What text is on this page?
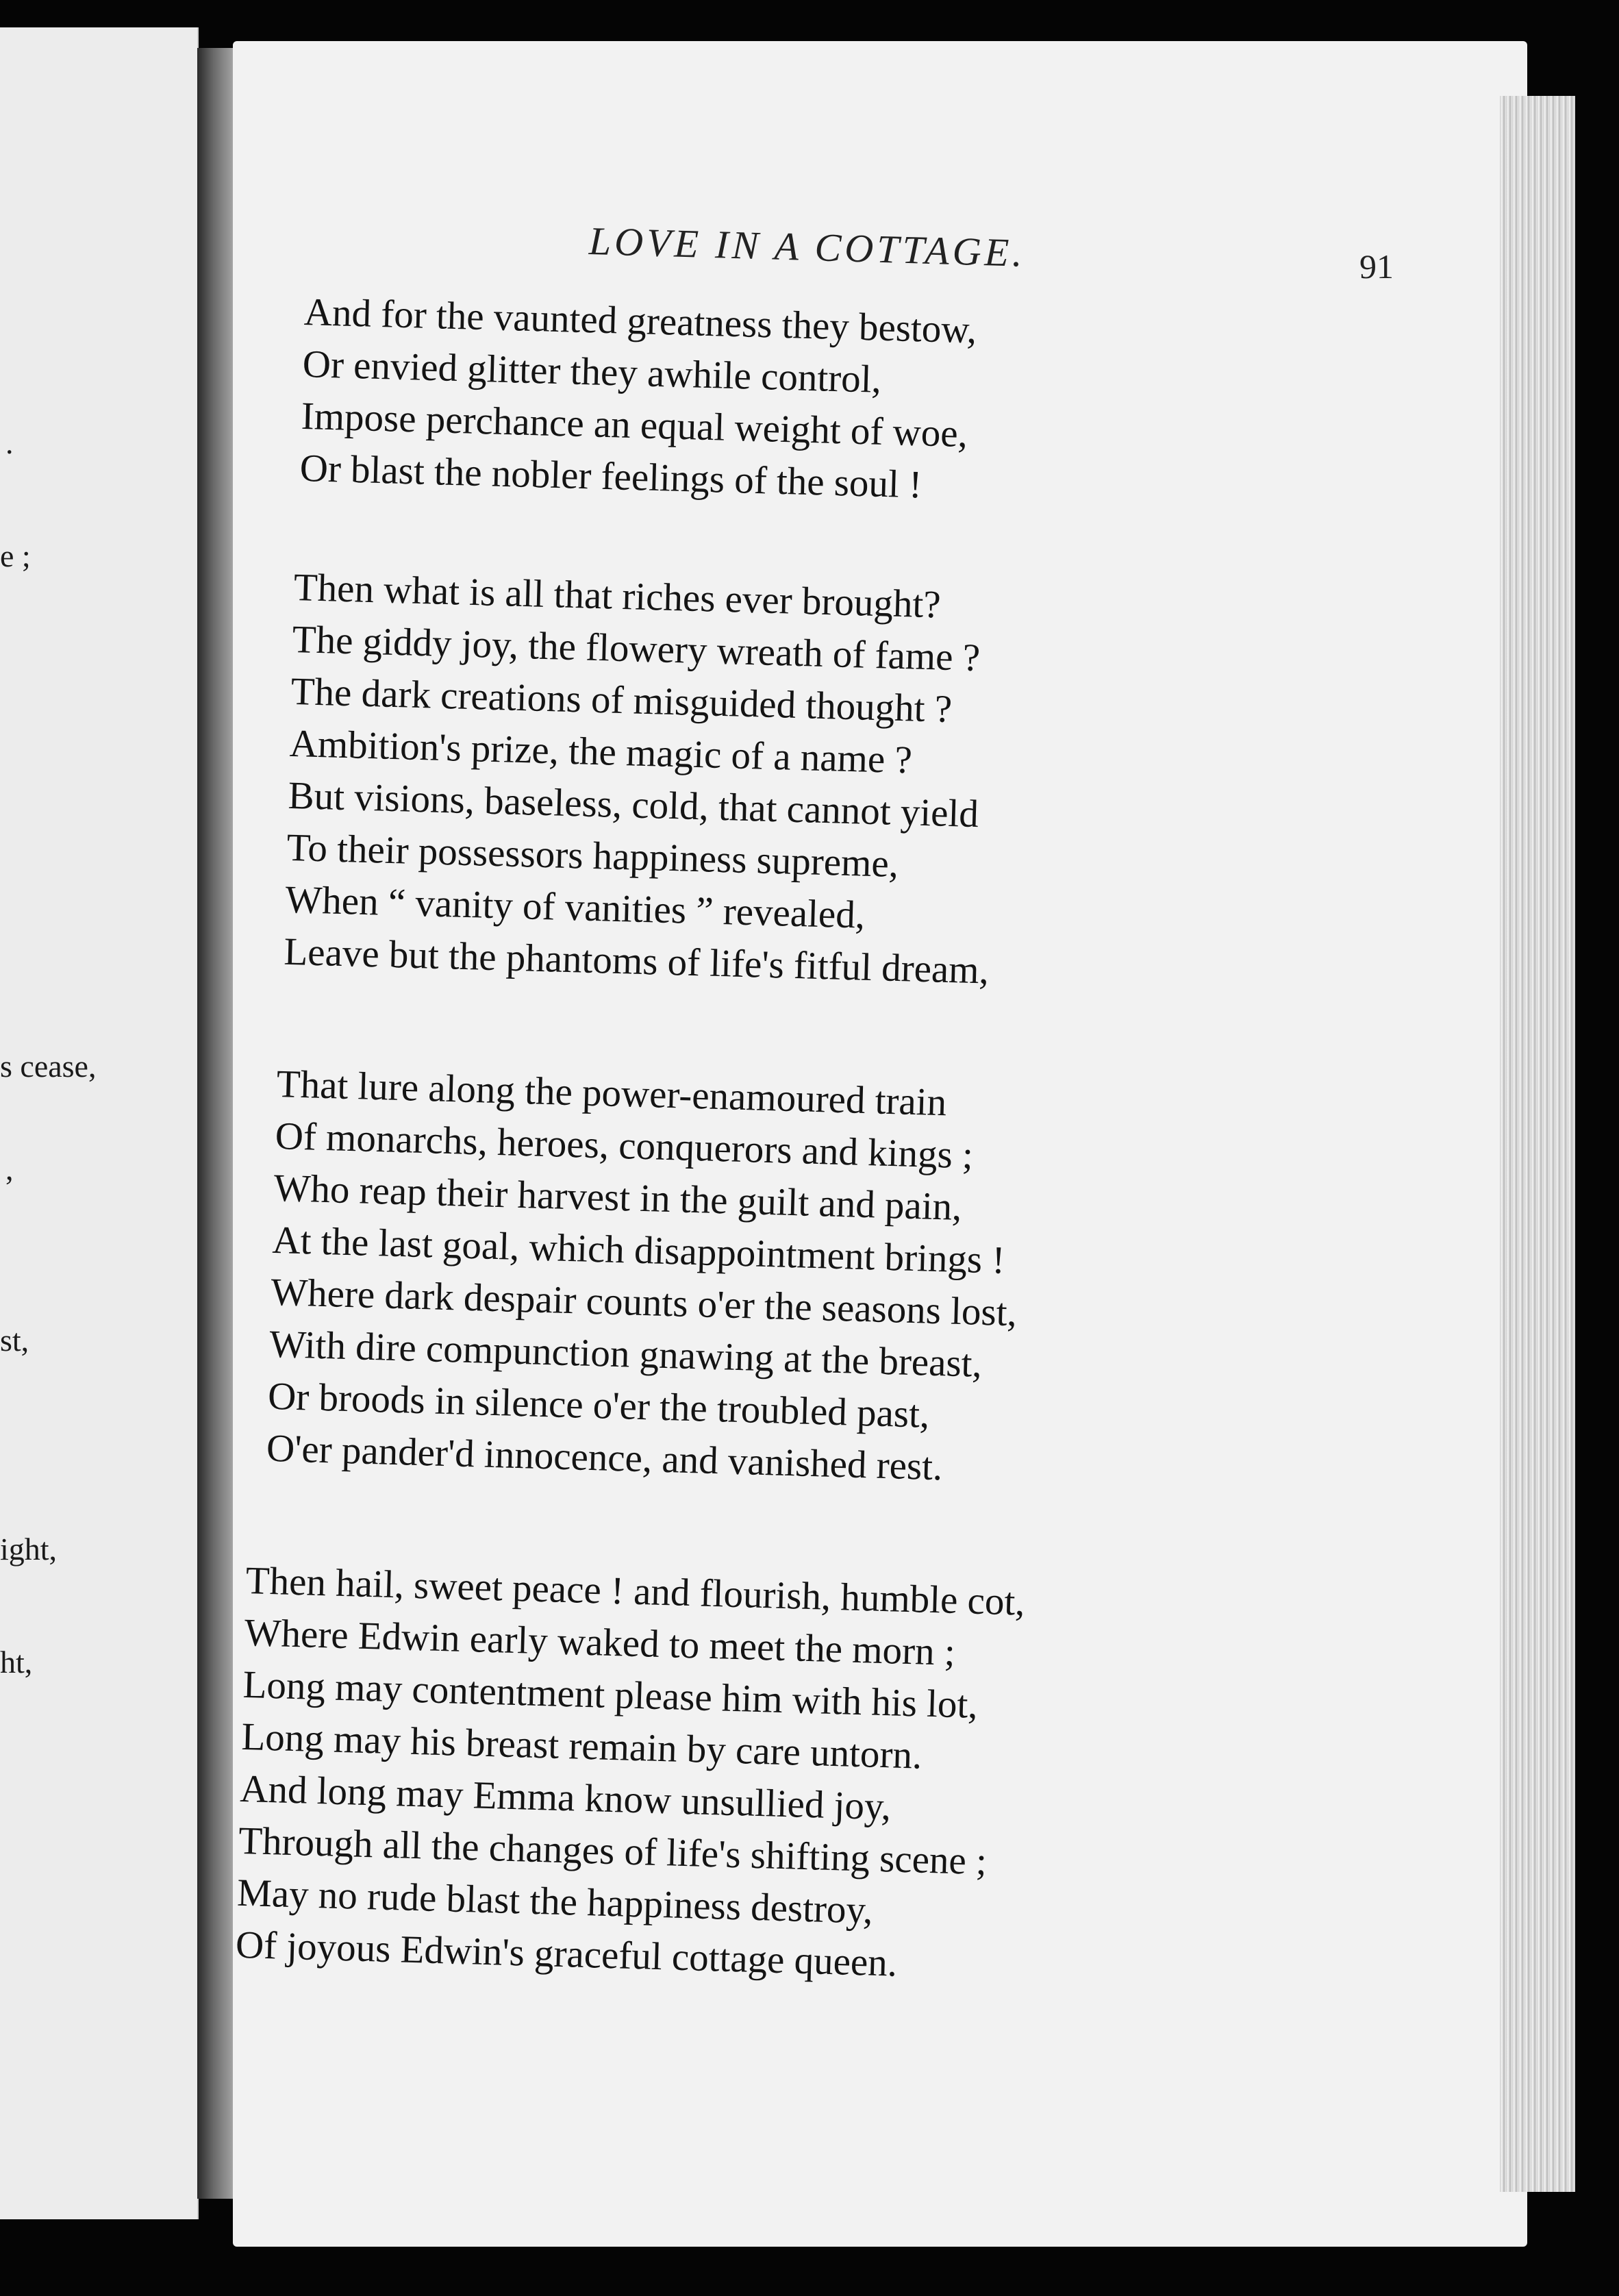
.
e ;
s cease,
,
st,
ight,
ht,
LOVE IN A COTTAGE.	91

And for the vaunted greatness they bestow,
Or envied glitter they awhile control,
Impose perchance an equal weight of woe,
Or blast the nobler feelings of the soul !

Then what is all that riches ever brought?
The giddy joy, the flowery wreath of fame ?
The dark creations of misguided thought ?
Ambition's prize, the magic of a name ?
But visions, baseless, cold, that cannot yield
To their possessors happiness supreme,
When “ vanity of vanities ” revealed,
Leave but the phantoms of life's fitful dream,

That lure along the power-enamoured train
Of monarchs, heroes, conquerors and kings ;
Who reap their harvest in the guilt and pain,
At the last goal, which disappointment brings !
Where dark despair counts o'er the seasons lost,
With dire compunction gnawing at the breast,
Or broods in silence o'er the troubled past,
O'er pander'd innocence, and vanished rest.

Then hail, sweet peace ! and flourish, humble cot,
Where Edwin early waked to meet the morn ;
Long may contentment please him with his lot,
Long may his breast remain by care untorn.
And long may Emma know unsullied joy,
Through all the changes of life's shifting scene ;
May no rude blast the happiness destroy,
Of joyous Edwin's graceful cottage queen.
